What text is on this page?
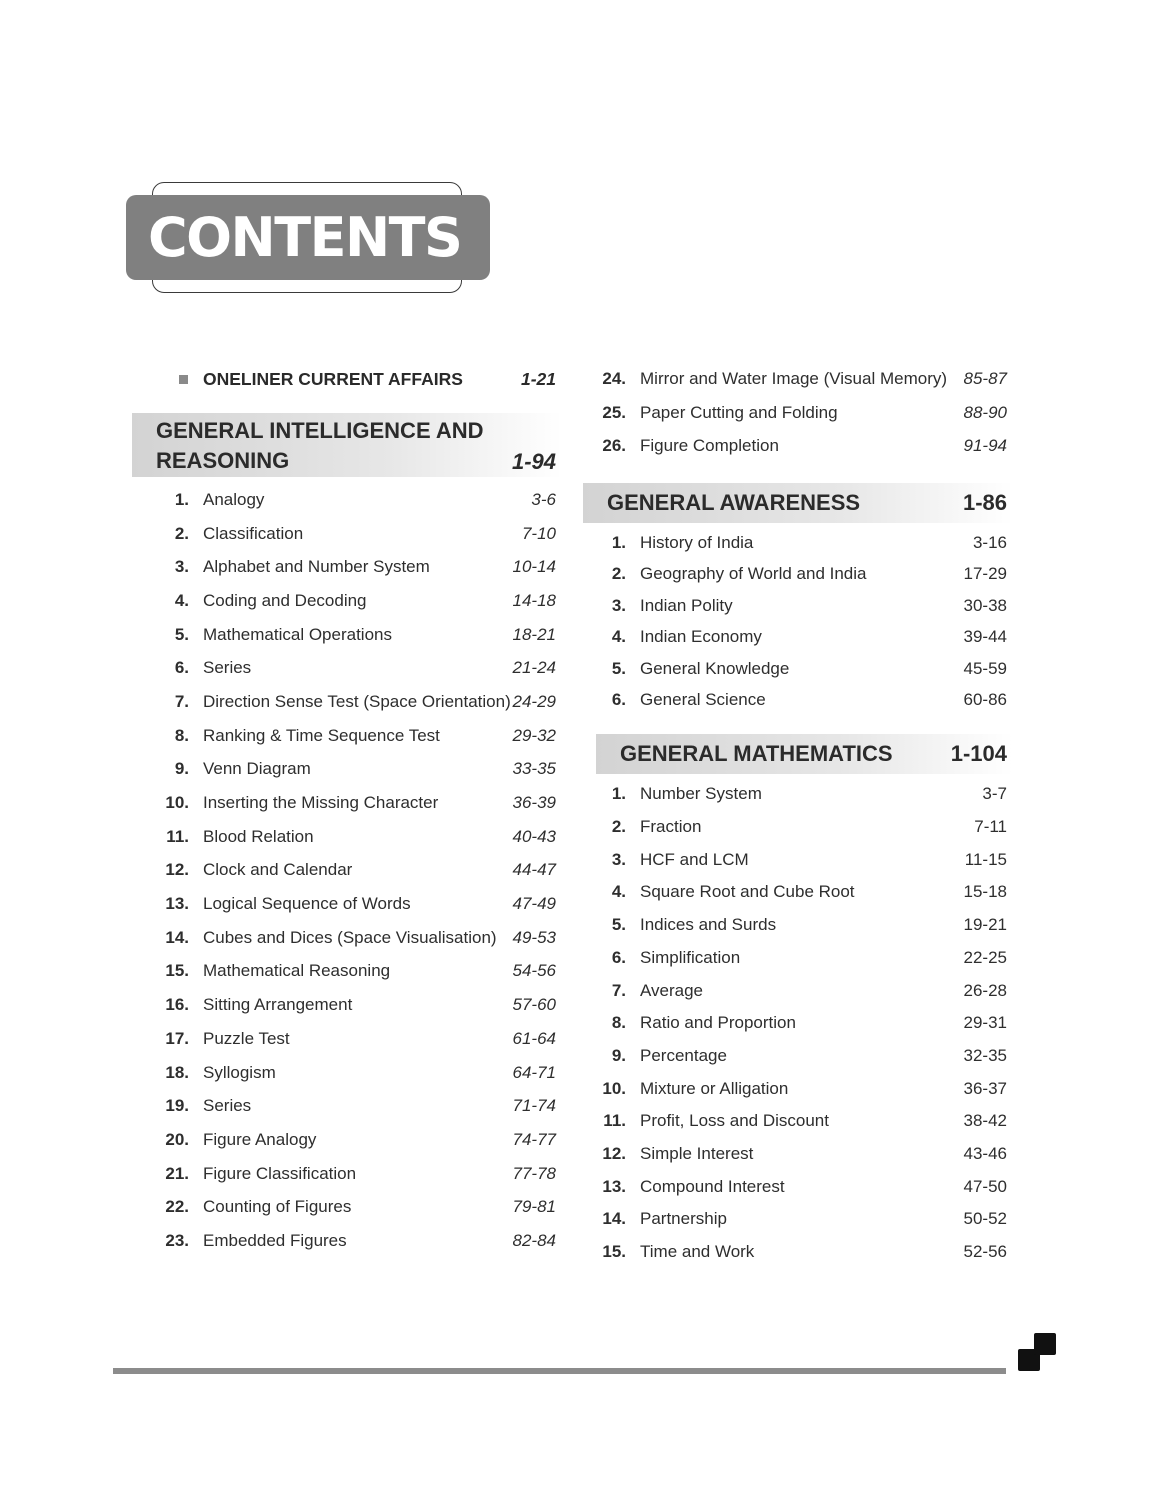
CONTENTS
ONELINER CURRENT AFFAIRS	1-21
GENERAL INTELLIGENCE AND REASONING	1-94
1. Analogy	3-6
2. Classification	7-10
3. Alphabet and Number System	10-14
4. Coding and Decoding	14-18
5. Mathematical Operations	18-21
6. Series	21-24
7. Direction Sense Test (Space Orientation) 24-29
8. Ranking & Time Sequence Test	29-32
9. Venn Diagram	33-35
10. Inserting the Missing Character	36-39
11. Blood Relation	40-43
12. Clock and Calendar	44-47
13. Logical Sequence of Words	47-49
14. Cubes and Dices (Space Visualisation) 49-53
15. Mathematical Reasoning	54-56
16. Sitting Arrangement	57-60
17. Puzzle Test	61-64
18. Syllogism	64-71
19. Series	71-74
20. Figure Analogy	74-77
21. Figure Classification	77-78
22. Counting of Figures	79-81
23. Embedded Figures	82-84
24. Mirror and Water Image (Visual Memory) 85-87
25. Paper Cutting and Folding	88-90
26. Figure Completion	91-94
GENERAL AWARENESS	1-86
1. History of India	3-16
2. Geography of World and India	17-29
3. Indian Polity	30-38
4. Indian Economy	39-44
5. General Knowledge	45-59
6. General Science	60-86
GENERAL MATHEMATICS	1-104
1. Number System	3-7
2. Fraction	7-11
3. HCF and LCM	11-15
4. Square Root and Cube Root	15-18
5. Indices and Surds	19-21
6. Simplification	22-25
7. Average	26-28
8. Ratio and Proportion	29-31
9. Percentage	32-35
10. Mixture or Alligation	36-37
11. Profit, Loss and Discount	38-42
12. Simple Interest	43-46
13. Compound Interest	47-50
14. Partnership	50-52
15. Time and Work	52-56
